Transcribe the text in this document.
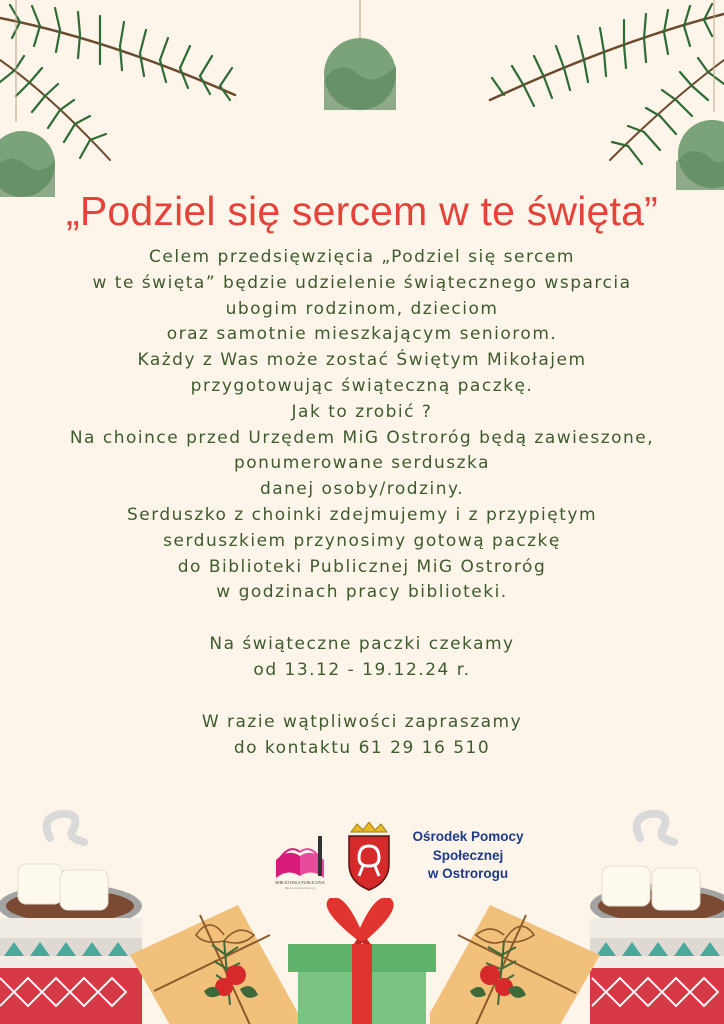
„Podziel się sercem w te święta”
Celem przedsięwzięcia „Podziel się sercem
w te święta” będzie udzielenie świątecznego wsparcia
ubogim rodzinom, dzieciom
oraz samotnie mieszkającym seniorom.
Każdy z Was może zostać Świętym Mikołajem
przygotowując świąteczną paczkę.
Jak to zrobić ?
Na choince przed Urzędem MiG Ostroróg będą zawieszone,
ponumerowane serduszka
danej osoby/rodziny.
Serduszko z choinki zdejmujemy i z przypiętym
serduszkiem przynosimy gotową paczkę
do Biblioteki Publicznej MiG Ostroróg
w godzinach pracy biblioteki.
Na świąteczne paczki czekamy
od 13.12 - 19.12.24 r.
W razie wątpliwości zapraszamy
do kontaktu 61 29 16 510
BIBLIOTEKA PUBLICZNA
Miasta i Gminy Ostroróg
Ośrodek Pomocy
Społecznej
w Ostrorogu
